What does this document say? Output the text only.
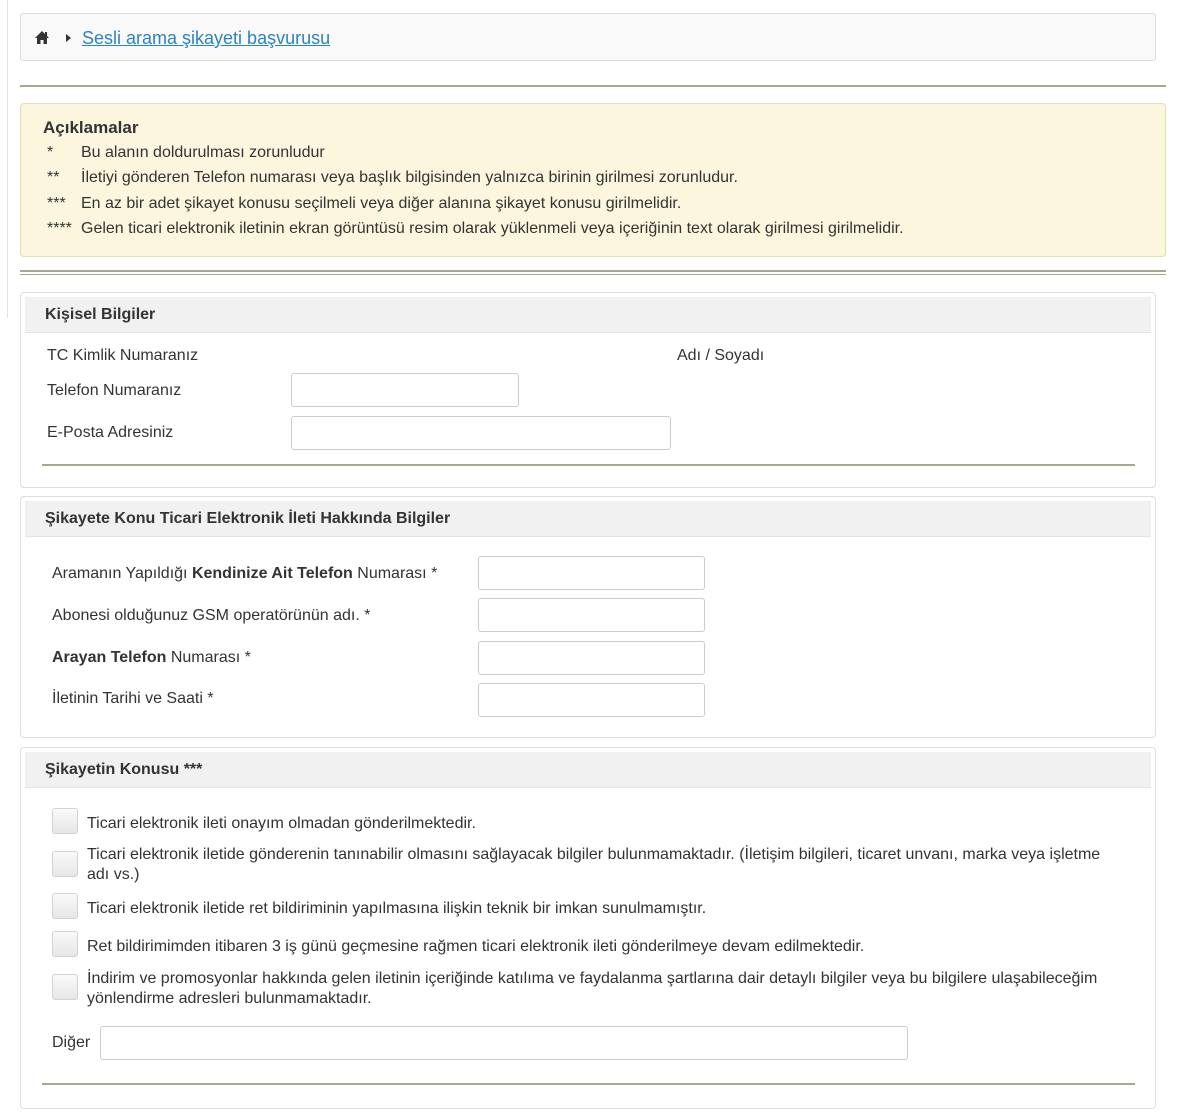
Sesli arama şikayeti başvurusu
Açıklamalar
* Bu alanın doldurulması zorunludur
** İletiyi gönderen Telefon numarası veya başlık bilgisinden yalnızca birinin girilmesi zorunludur.
*** En az bir adet şikayet konusu seçilmeli veya diğer alanına şikayet konusu girilmelidir.
**** Gelen ticari elektronik iletinin ekran görüntüsü resim olarak yüklenmeli veya içeriğinin text olarak girilmesi girilmelidir.
Kişisel Bilgiler
TC Kimlik Numaranız	Adı / Soyadı
Telefon Numaranız
E-Posta Adresiniz
Şikayete Konu Ticari Elektronik İleti Hakkında Bilgiler
Aramanın Yapıldığı Kendinize Ait Telefon Numarası *
Abonesi olduğunuz GSM operatörünün adı. *
Arayan Telefon Numarası *
İletinin Tarihi ve Saati *
Şikayetin Konusu ***
Ticari elektronik ileti onayım olmadan gönderilmektedir.
Ticari elektronik iletide gönderenin tanınabilir olmasını sağlayacak bilgiler bulunmamaktadır. (İletişim bilgileri, ticaret unvanı, marka veya işletme adı vs.)
Ticari elektronik iletide ret bildiriminin yapılmasına ilişkin teknik bir imkan sunulmamıştır.
Ret bildirimimden itibaren 3 iş günü geçmesine rağmen ticari elektronik ileti gönderilmeye devam edilmektedir.
İndirim ve promosyonlar hakkında gelen iletinin içeriğinde katılıma ve faydalanma şartlarına dair detaylı bilgiler veya bu bilgilere ulaşabileceğim yönlendirme adresleri bulunmamaktadır.
Diğer
